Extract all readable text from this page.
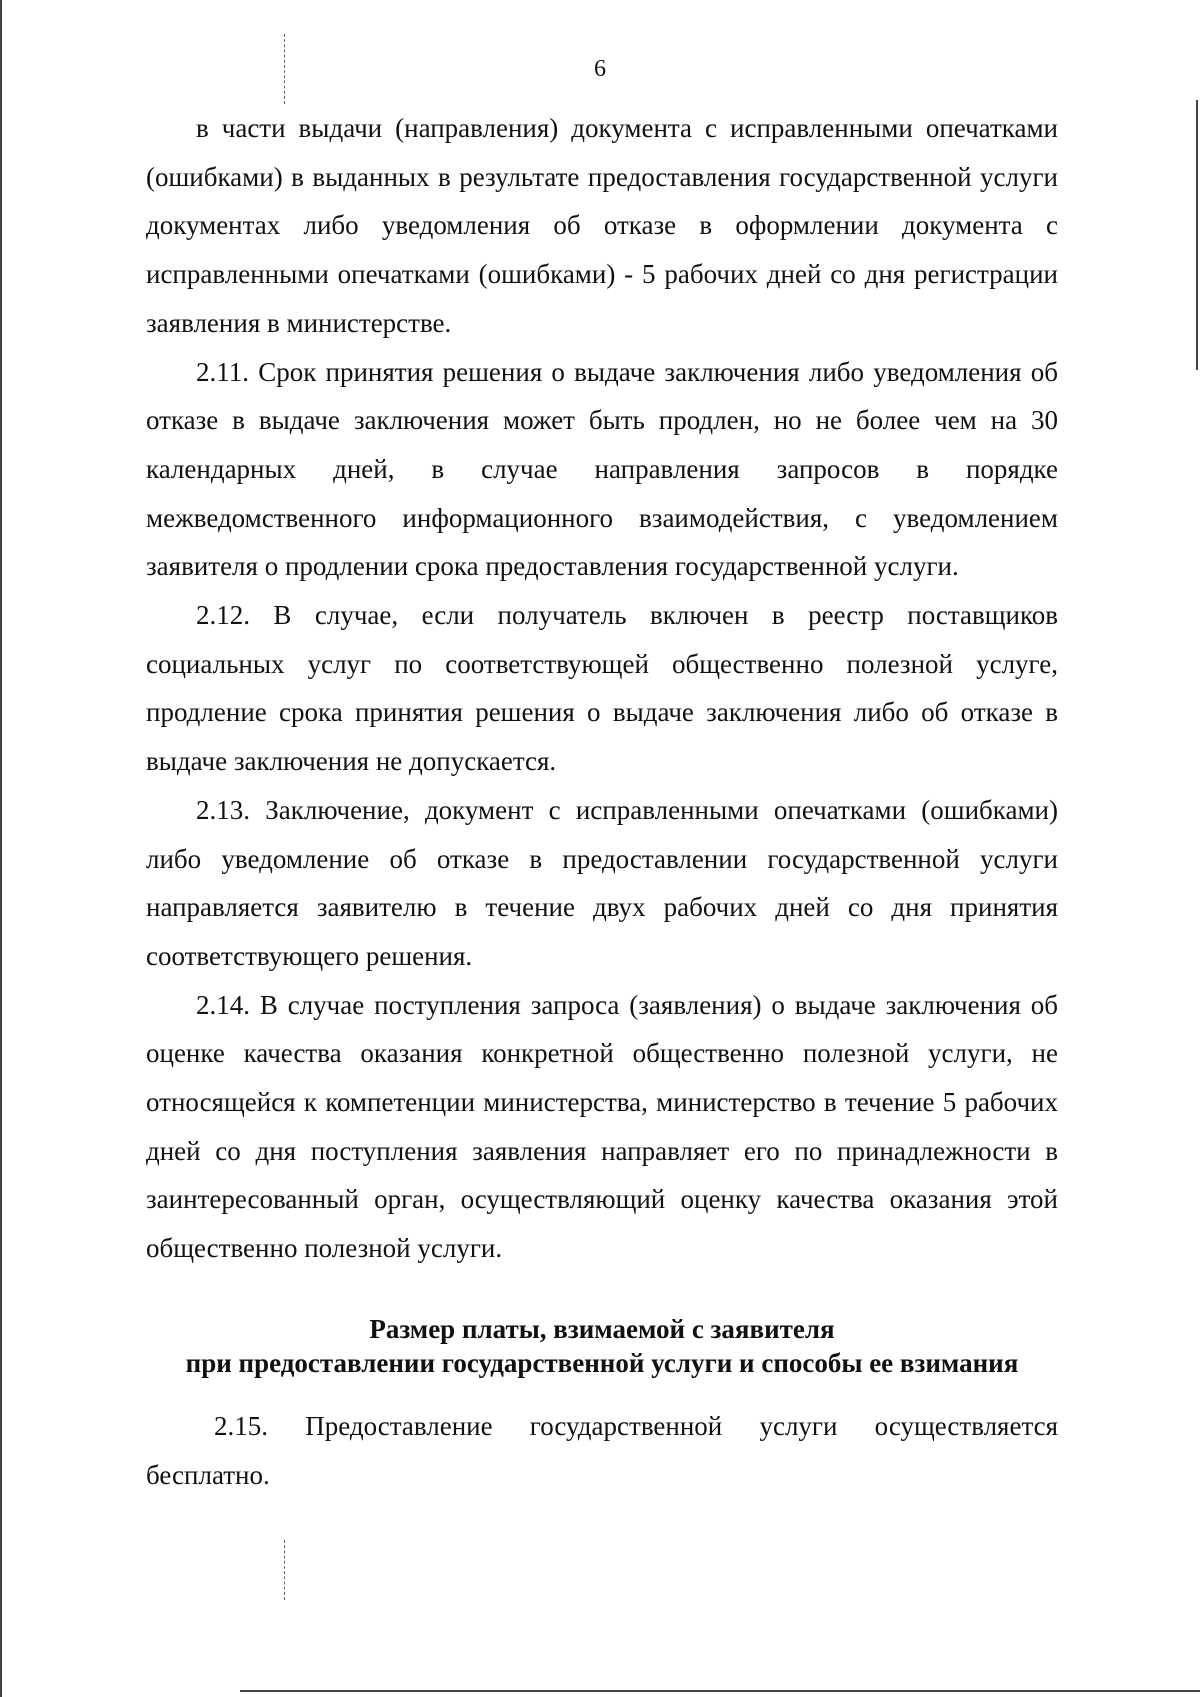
6

в части выдачи (направления) документа с исправленными опечатками (ошибками) в выданных в результате предоставления государственной услуги документах либо уведомления об отказе в оформлении документа с исправленными опечатками (ошибками) - 5 рабочих дней со дня регистрации заявления в министерстве.

2.11. Срок принятия решения о выдаче заключения либо уведомления об отказе в выдаче заключения может быть продлен, но не более чем на 30 календарных дней, в случае направления запросов в порядке межведомственного информационного взаимодействия, с уведомлением заявителя о продлении срока предоставления государственной услуги.

2.12. В случае, если получатель включен в реестр поставщиков социальных услуг по соответствующей общественно полезной услуге, продление срока принятия решения о выдаче заключения либо об отказе в выдаче заключения не допускается.

2.13. Заключение, документ с исправленными опечатками (ошибками) либо уведомление об отказе в предоставлении государственной услуги направляется заявителю в течение двух рабочих дней со дня принятия соответствующего решения.

2.14. В случае поступления запроса (заявления) о выдаче заключения об оценке качества оказания конкретной общественно полезной услуги, не относящейся к компетенции министерства, министерство в течение 5 рабочих дней со дня поступления заявления направляет его по принадлежности в заинтересованный орган, осуществляющий оценку качества оказания этой общественно полезной услуги.

Размер платы, взимаемой с заявителя
при предоставлении государственной услуги и способы ее взимания

2.15. Предоставление государственной услуги осуществляется бесплатно.
